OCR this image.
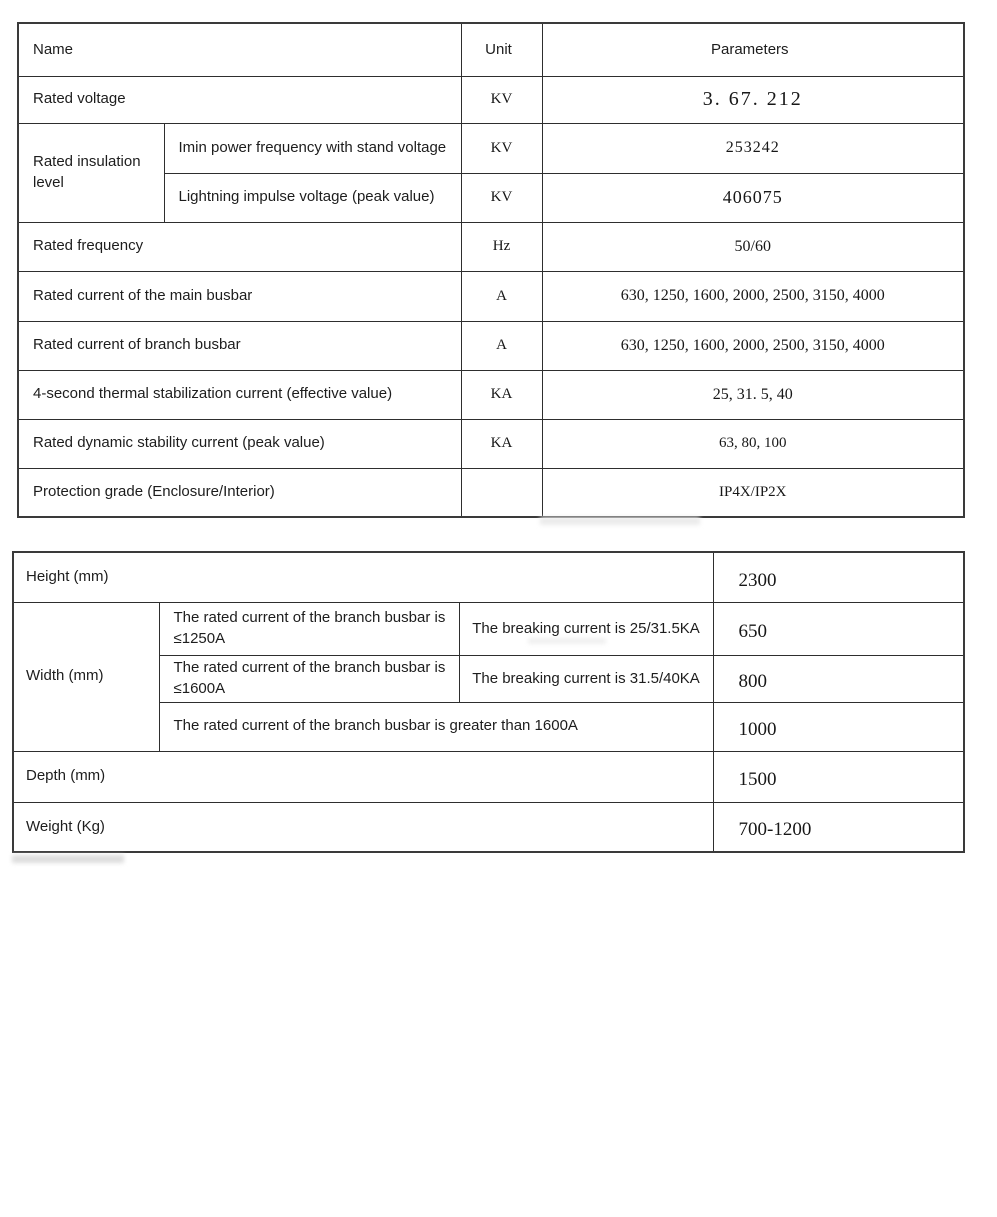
Name		Unit	Parameters
Rated voltage		KV	3. 67. 212
Rated insulation level	Imin power frequency with stand voltage	KV	253242
	Lightning impulse voltage (peak value)	KV	406075
Rated frequency		Hz	50/60
Rated current of the main busbar		A	630, 1250, 1600, 2000, 2500, 3150, 4000
Rated current of branch busbar		A	630, 1250, 1600, 2000, 2500, 3150, 4000
4-second thermal stabilization current (effective value)		KA	25, 31. 5, 40
Rated dynamic stability current (peak value)		KA	63, 80, 100
Protection grade (Enclosure/Interior)			IP4X/IP2X
Height (mm)			2300
Width (mm)	The rated current of the branch busbar is ≤1250A	The breaking current is 25/31.5KA	650
	The rated current of the branch busbar is ≤1600A	The breaking current is 31.5/40KA	800
	The rated current of the branch busbar is greater than 1600A		1000
Depth (mm)			1500
Weight (Kg)			700-1200
